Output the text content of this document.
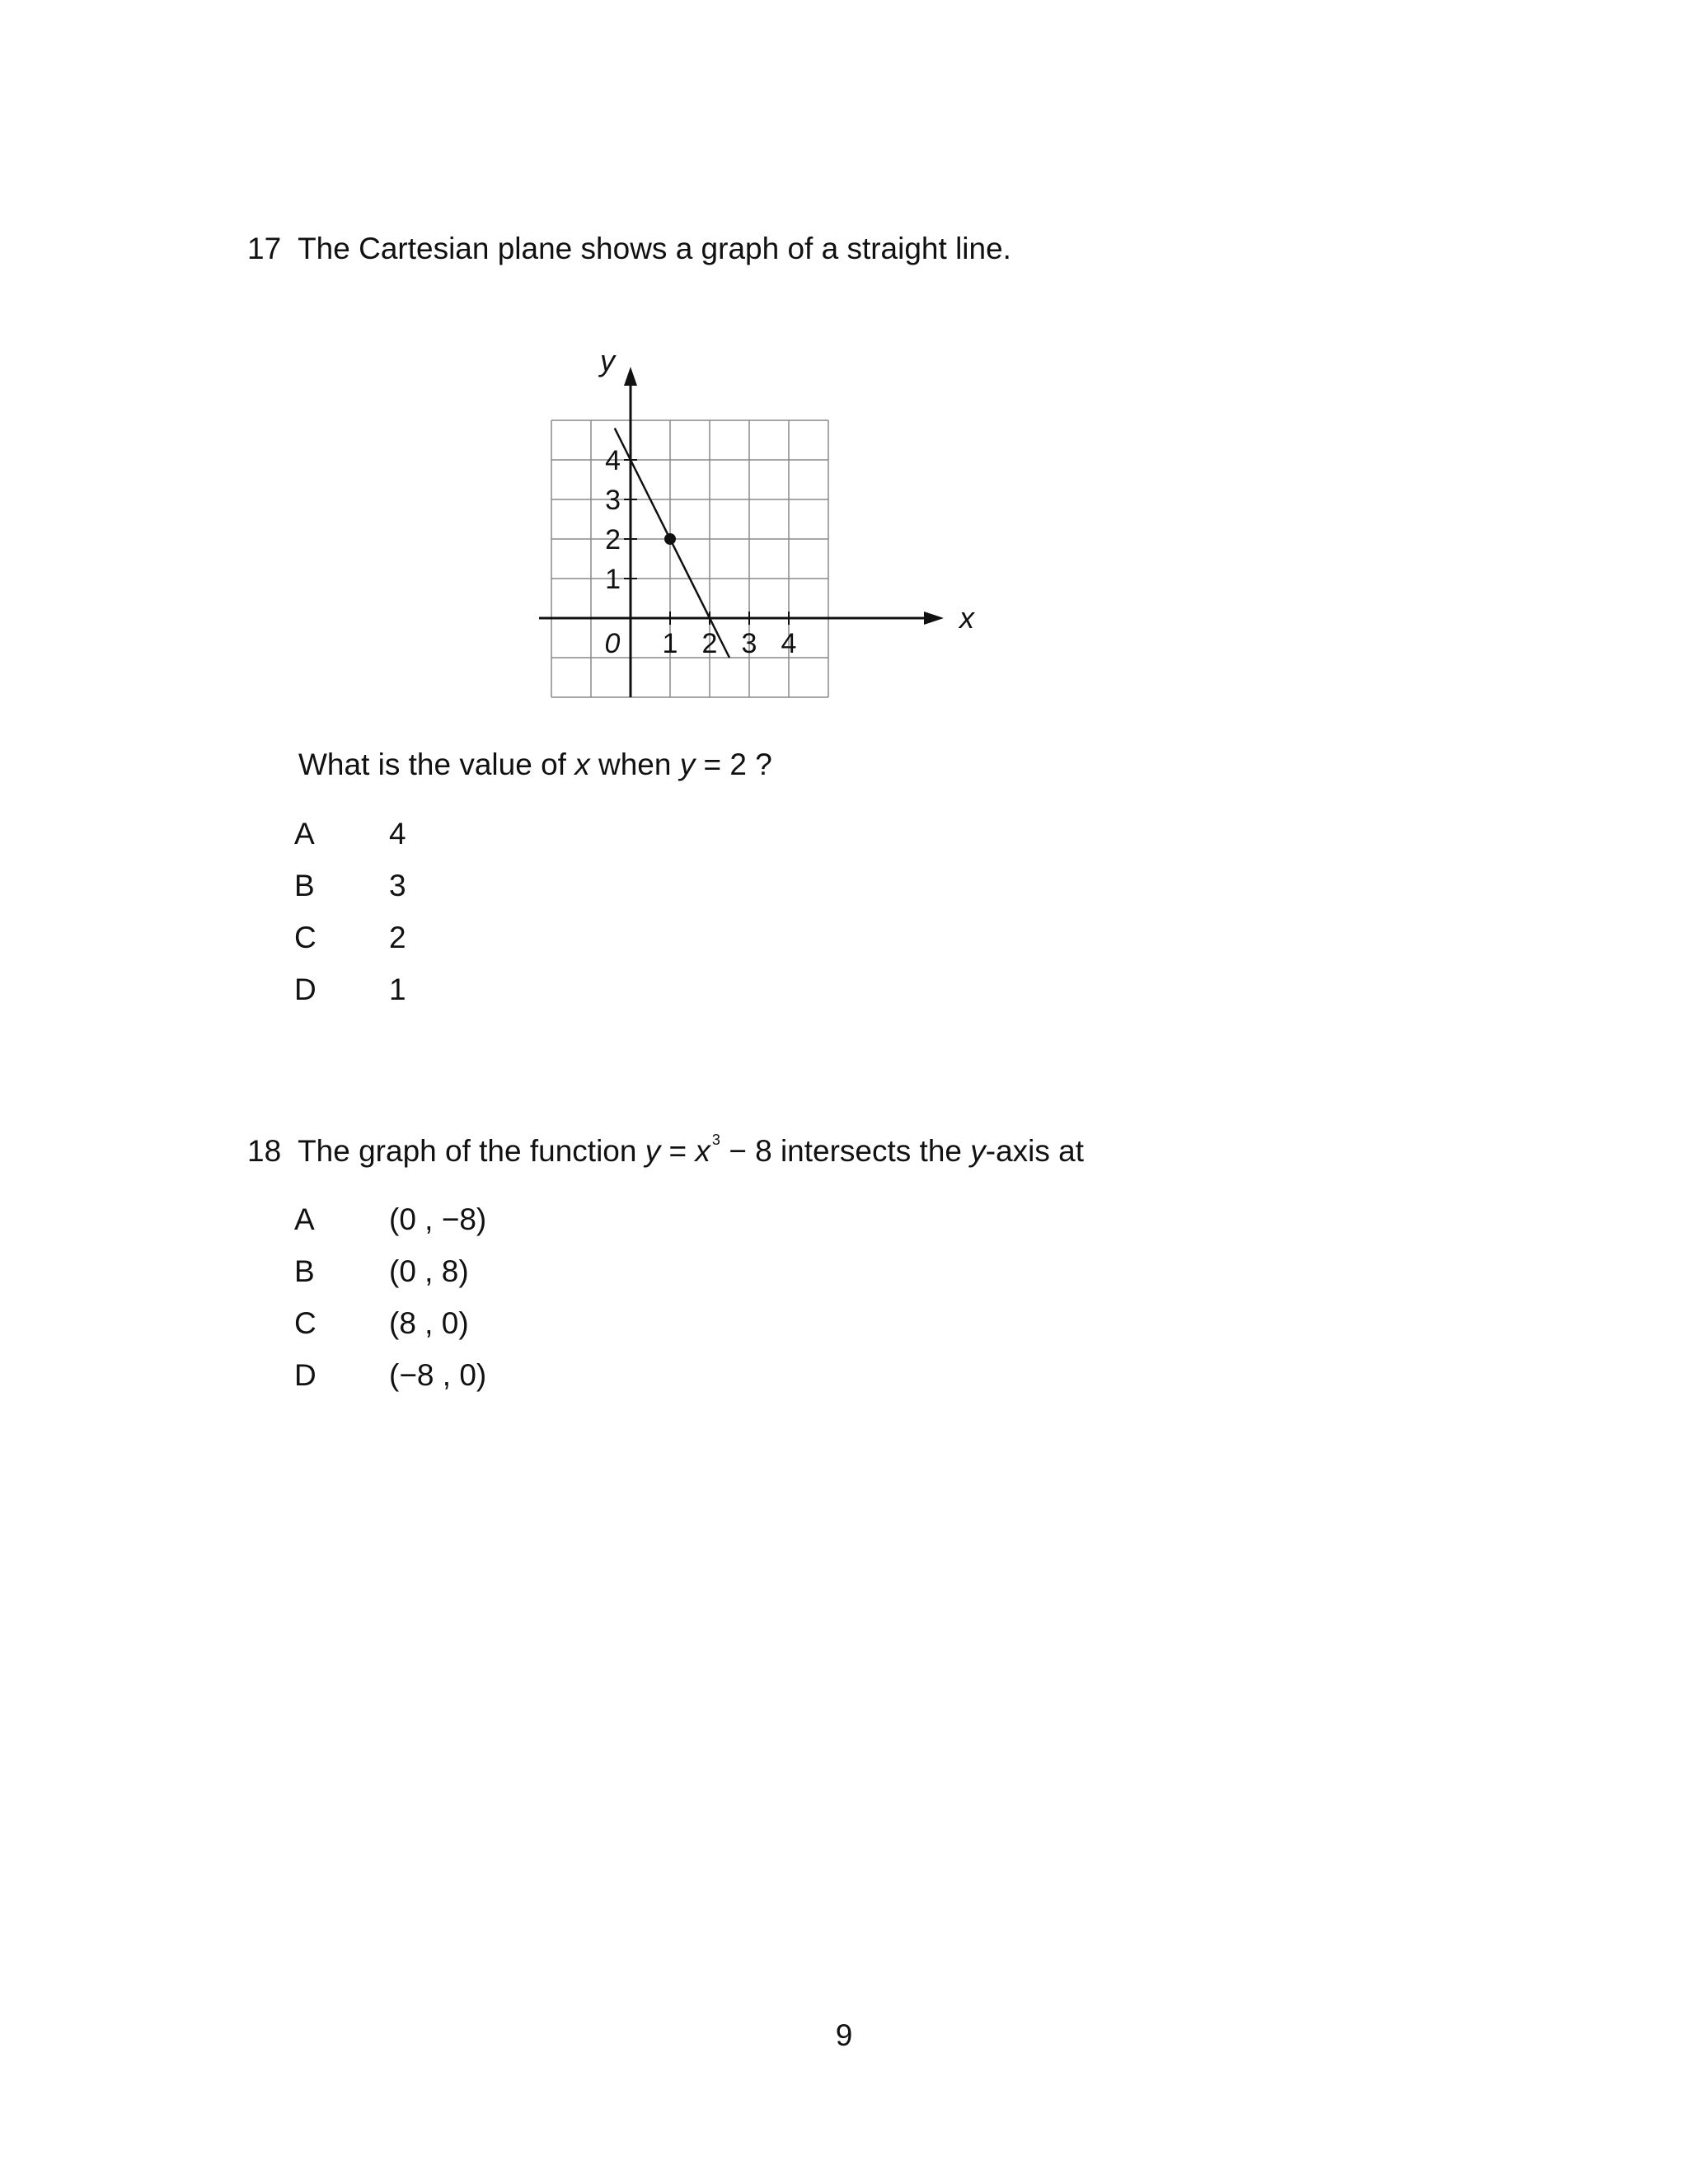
17 The Cartesian plane shows a graph of a straight line.
1 2 3 4
1
2
3
4
0
x
y
What is the value of x when y = 2 ?
A 4
B 3
C 2
D 1
18 The graph of the function y = x $^3$ − 8 intersects the y-axis at
A (0 , −8)
B (0 , 8)
C (8 , 0)
D (−8 , 0)
9
